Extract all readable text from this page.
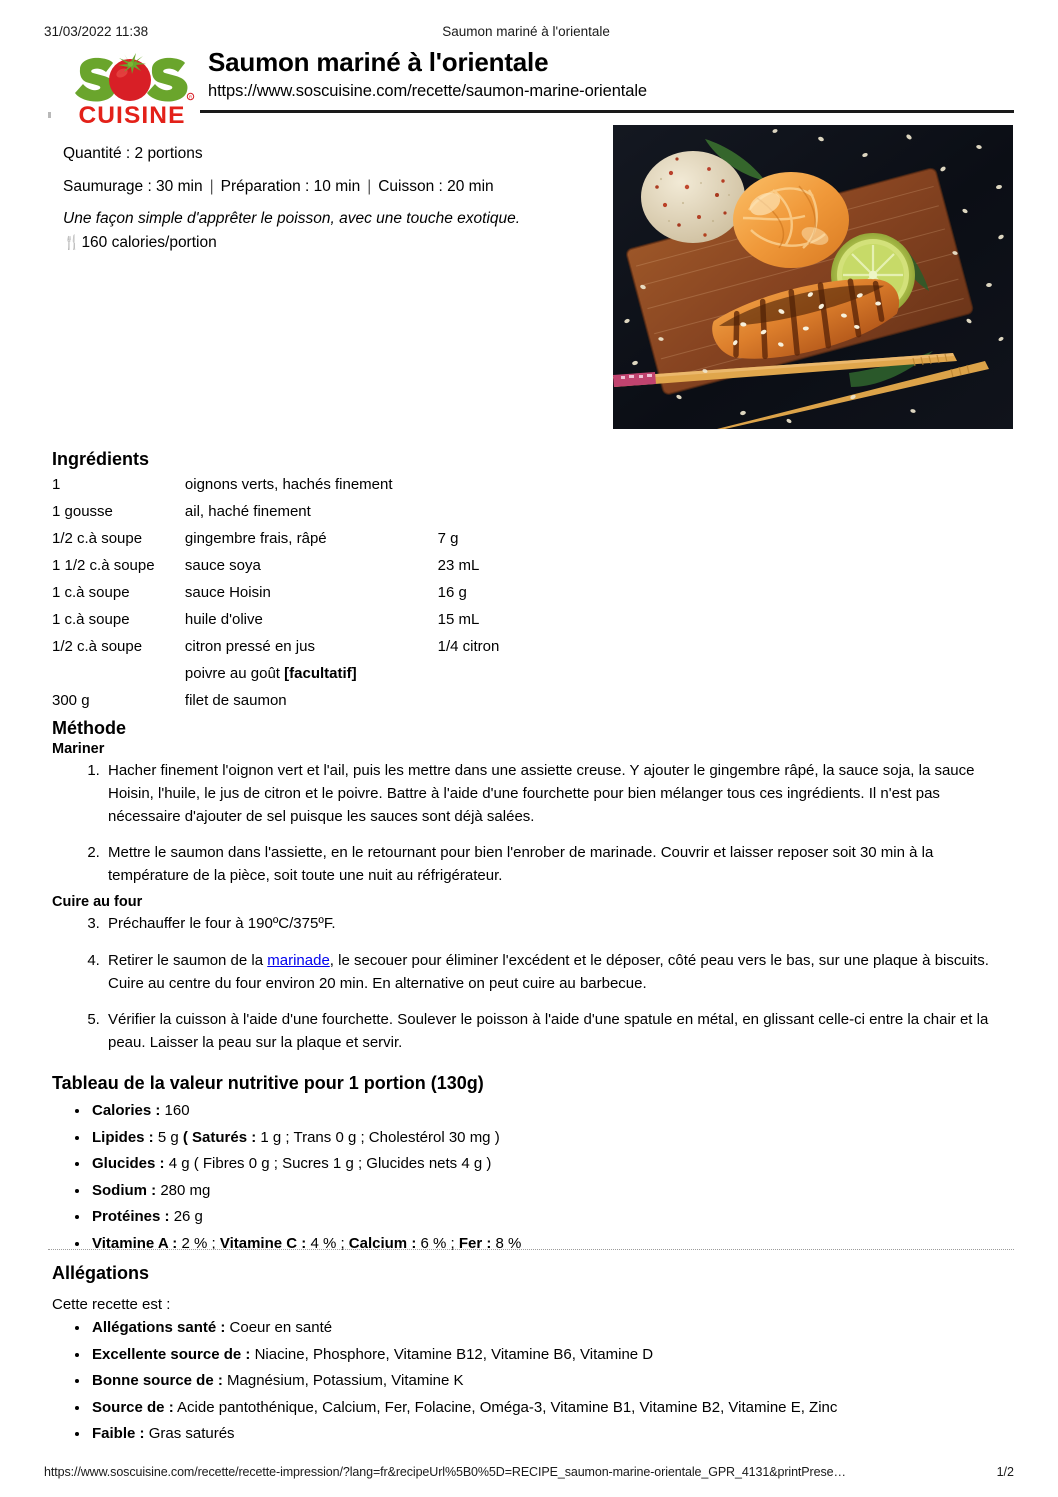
31/03/2022 11:38	Saumon mariné à l'orientale
R
CUISINE
Saumon mariné à l'orientale
https://www.soscuisine.com/recette/saumon-marine-orientale
Quantité : 2 portions
Saumurage : 30 min | Préparation : 10 min | Cuisson : 20 min
Une façon simple d'apprêter le poisson, avec une touche exotique.
🍴160 calories/portion
Ingrédients
1	oignons verts, hachés finement	
1 gousse	ail, haché finement	
1/2 c.à soupe	gingembre frais, râpé	7 g
1 1/2 c.à soupe	sauce soya	23 mL
1 c.à soupe	sauce Hoisin	16 g
1 c.à soupe	huile d'olive	15 mL
1/2 c.à soupe	citron pressé en jus	1/4 citron
	poivre au goût [facultatif]	
300 g	filet de saumon	
Méthode
Mariner
1. Hacher finement l'oignon vert et l'ail, puis les mettre dans une assiette creuse. Y ajouter le gingembre râpé, la sauce soja, la sauce Hoisin, l'huile, le jus de citron et le poivre. Battre à l'aide d'une fourchette pour bien mélanger tous ces ingrédients. Il n'est pas nécessaire d'ajouter de sel puisque les sauces sont déjà salées.
2. Mettre le saumon dans l'assiette, en le retournant pour bien l'enrober de marinade. Couvrir et laisser reposer soit 30 min à la température de la pièce, soit toute une nuit au réfrigérateur.
Cuire au four
3. Préchauffer le four à 190ºC/375ºF.
4. Retirer le saumon de la marinade, le secouer pour éliminer l'excédent et le déposer, côté peau vers le bas, sur une plaque à biscuits. Cuire au centre du four environ 20 min. En alternative on peut cuire au barbecue.
5. Vérifier la cuisson à l'aide d'une fourchette. Soulever le poisson à l'aide d'une spatule en métal, en glissant celle-ci entre la chair et la peau. Laisser la peau sur la plaque et servir.
Tableau de la valeur nutritive pour 1 portion (130g)
• Calories : 160
• Lipides : 5 g ( Saturés : 1 g ; Trans 0 g ; Cholestérol 30 mg )
• Glucides : 4 g ( Fibres 0 g ; Sucres 1 g ; Glucides nets 4 g )
• Sodium : 280 mg
• Protéines : 26 g
• Vitamine A : 2 % ; Vitamine C : 4 % ; Calcium : 6 % ; Fer : 8 %
Allégations
Cette recette est :
• Allégations santé : Coeur en santé
• Excellente source de : Niacine, Phosphore, Vitamine B12, Vitamine B6, Vitamine D
• Bonne source de : Magnésium, Potassium, Vitamine K
• Source de : Acide pantothénique, Calcium, Fer, Folacine, Oméga-3, Vitamine B1, Vitamine B2, Vitamine E, Zinc
• Faible : Gras saturés
https://www.soscuisine.com/recette/recette-impression/?lang=fr&recipeUrl%5B0%5D=RECIPE_saumon-marine-orientale_GPR_4131&printPrese…	1/2
